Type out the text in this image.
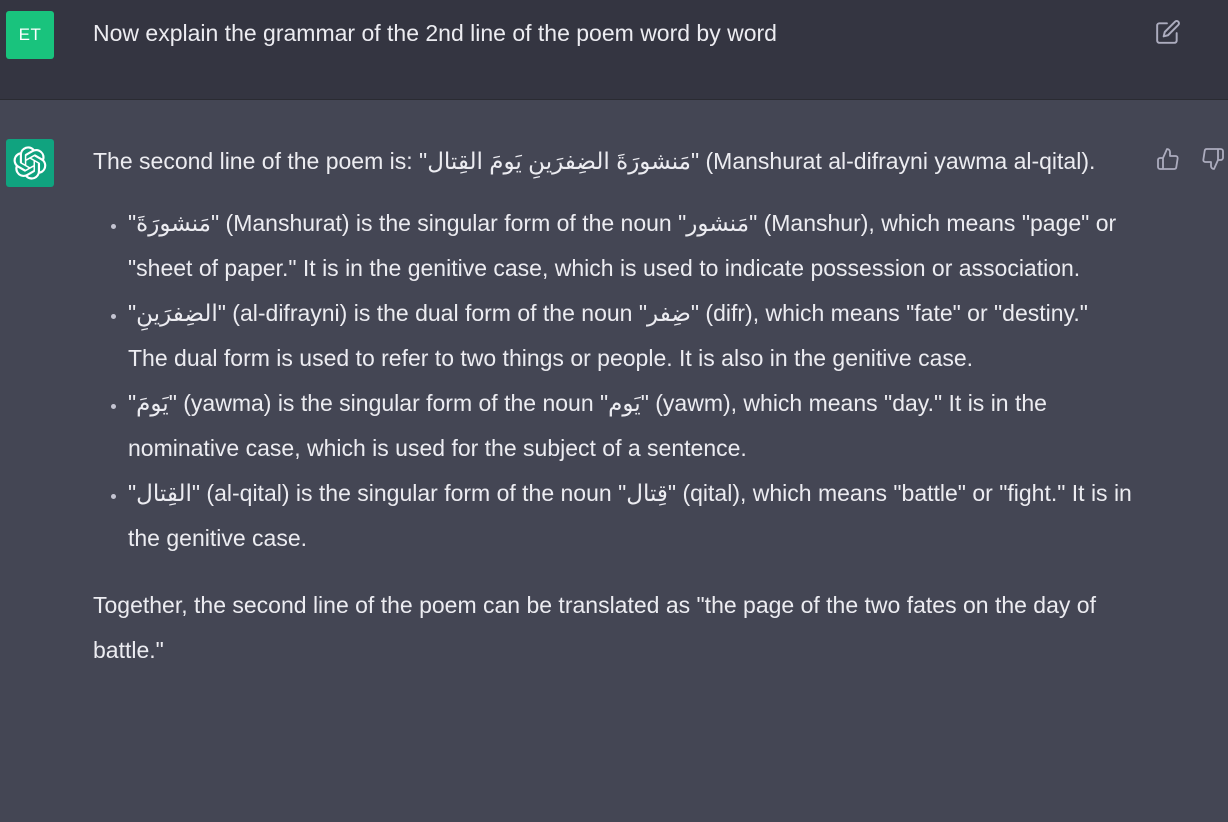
ET Now explain the grammar of the 2nd line of the poem word by word

The second line of the poem is: "مَنشورَةَ الضِفرَينِ يَومَ القِتال" (Manshurat al-difrayni yawma al-qital).

• "مَنشورَةَ" (Manshurat) is the singular form of the noun "مَنشور" (Manshur), which means "page" or "sheet of paper." It is in the genitive case, which is used to indicate possession or association.
• "الضِفرَينِ" (al-difrayni) is the dual form of the noun "ضِفر" (difr), which means "fate" or "destiny." The dual form is used to refer to two things or people. It is also in the genitive case.
• "يَومَ" (yawma) is the singular form of the noun "يَوم" (yawm), which means "day." It is in the nominative case, which is used for the subject of a sentence.
• "القِتال" (al-qital) is the singular form of the noun "قِتال" (qital), which means "battle" or "fight." It is in the genitive case.

Together, the second line of the poem can be translated as "the page of the two fates on the day of battle."
